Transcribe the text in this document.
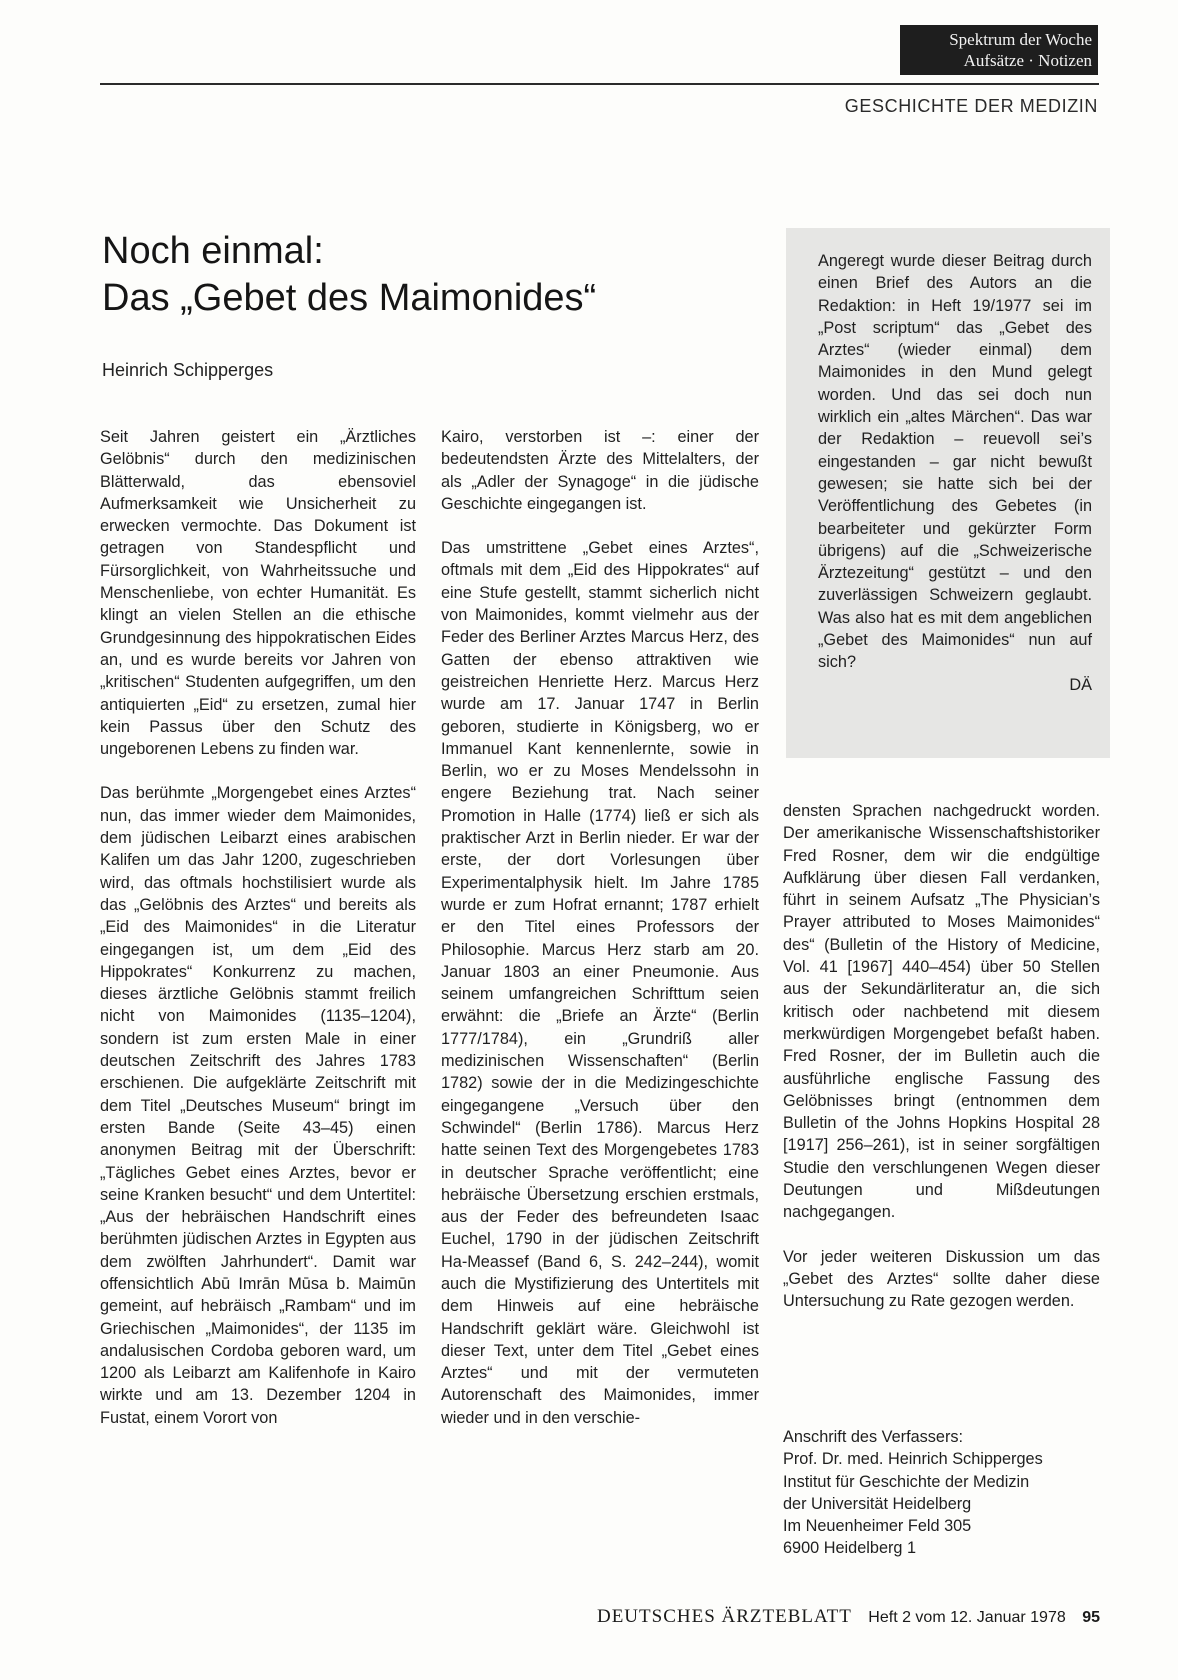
Spektrum der Woche
Aufsätze · Notizen
GESCHICHTE DER MEDIZIN
Noch einmal:
Das „Gebet des Maimonides“
Heinrich Schipperges

Seit Jahren geistert ein „Ärztliches Gelöbnis“ durch den medizinischen Blätterwald, das ebensoviel Aufmerksamkeit wie Unsicherheit zu erwecken vermochte. Das Dokument ist getragen von Standespflicht und Fürsorglichkeit, von Wahrheitssuche und Menschenliebe, von echter Humanität. Es klingt an vielen Stellen an die ethische Grundgesinnung des hippokratischen Eides an, und es wurde bereits vor Jahren von „kritischen“ Studenten aufgegriffen, um den antiquierten „Eid“ zu ersetzen, zumal hier kein Passus über den Schutz des ungeborenen Lebens zu finden war.

Das berühmte „Morgengebet eines Arztes“ nun, das immer wieder dem Maimonides, dem jüdischen Leibarzt eines arabischen Kalifen um das Jahr 1200, zugeschrieben wird, das oftmals hochstilisiert wurde als das „Gelöbnis des Arztes“ und bereits als „Eid des Maimonides“ in die Literatur eingegangen ist, um dem „Eid des Hippokrates“ Konkurrenz zu machen, dieses ärztliche Gelöbnis stammt freilich nicht von Maimonides (1135–1204), sondern ist zum ersten Male in einer deutschen Zeitschrift des Jahres 1783 erschienen. Die aufgeklärte Zeitschrift mit dem Titel „Deutsches Museum“ bringt im ersten Bande (Seite 43–45) einen anonymen Beitrag mit der Überschrift: „Tägliches Gebet eines Arztes, bevor er seine Kranken besucht“ und dem Untertitel: „Aus der hebräischen Handschrift eines berühmten jüdischen Arztes in Egypten aus dem zwölften Jahrhundert“. Damit war offensichtlich Abū Imrān Mūsa b. Maimūn gemeint, auf hebräisch „Rambam“ und im Griechischen „Maimonides“, der 1135 im andalusischen Cordoba geboren ward, um 1200 als Leibarzt am Kalifenhofe in Kairo wirkte und am 13. Dezember 1204 in Fustat, einem Vorort von

Kairo, verstorben ist –: einer der bedeutendsten Ärzte des Mittelalters, der als „Adler der Synagoge“ in die jüdische Geschichte eingegangen ist.

Das umstrittene „Gebet eines Arztes“, oftmals mit dem „Eid des Hippokrates“ auf eine Stufe gestellt, stammt sicherlich nicht von Maimonides, kommt vielmehr aus der Feder des Berliner Arztes Marcus Herz, des Gatten der ebenso attraktiven wie geistreichen Henriette Herz. Marcus Herz wurde am 17. Januar 1747 in Berlin geboren, studierte in Königsberg, wo er Immanuel Kant kennenlernte, sowie in Berlin, wo er zu Moses Mendelssohn in engere Beziehung trat. Nach seiner Promotion in Halle (1774) ließ er sich als praktischer Arzt in Berlin nieder. Er war der erste, der dort Vorlesungen über Experimentalphysik hielt. Im Jahre 1785 wurde er zum Hofrat ernannt; 1787 erhielt er den Titel eines Professors der Philosophie. Marcus Herz starb am 20. Januar 1803 an einer Pneumonie. Aus seinem umfangreichen Schrifttum seien erwähnt: die „Briefe an Ärzte“ (Berlin 1777/1784), ein „Grundriß aller medizinischen Wissenschaften“ (Berlin 1782) sowie der in die Medizingeschichte eingegangene „Versuch über den Schwindel“ (Berlin 1786). Marcus Herz hatte seinen Text des Morgengebetes 1783 in deutscher Sprache veröffentlicht; eine hebräische Übersetzung erschien erstmals, aus der Feder des befreundeten Isaac Euchel, 1790 in der jüdischen Zeitschrift Ha-Meassef (Band 6, S. 242–244), womit auch die Mystifizierung des Untertitels mit dem Hinweis auf eine hebräische Handschrift geklärt wäre. Gleichwohl ist dieser Text, unter dem Titel „Gebet eines Arztes“ und mit der vermuteten Autorenschaft des Maimonides, immer wieder und in den verschie-

Angeregt wurde dieser Beitrag durch einen Brief des Autors an die Redaktion: in Heft 19/1977 sei im „Post scriptum“ das „Gebet des Arztes“ (wieder einmal) dem Maimonides in den Mund gelegt worden. Und das sei doch nun wirklich ein „altes Märchen“. Das war der Redaktion – reuevoll sei’s eingestanden – gar nicht bewußt gewesen; sie hatte sich bei der Veröffentlichung des Gebetes (in bearbeiteter und gekürzter Form übrigens) auf die „Schweizerische Ärztezeitung“ gestützt – und den zuverlässigen Schweizern geglaubt. Was also hat es mit dem angeblichen „Gebet des Maimonides“ nun auf sich?

DÄ

densten Sprachen nachgedruckt worden. Der amerikanische Wissenschaftshistoriker Fred Rosner, dem wir die endgültige Aufklärung über diesen Fall verdanken, führt in seinem Aufsatz „The Physician’s Prayer attributed to Moses Maimonides“ des“ (Bulletin of the History of Medicine, Vol. 41 [1967] 440–454) über 50 Stellen aus der Sekundärliteratur an, die sich kritisch oder nachbetend mit diesem merkwürdigen Morgengebet befaßt haben. Fred Rosner, der im Bulletin auch die ausführliche englische Fassung des Gelöbnisses bringt (entnommen dem Bulletin of the Johns Hopkins Hospital 28 [1917] 256–261), ist in seiner sorgfältigen Studie den verschlungenen Wegen dieser Deutungen und Mißdeutungen nachgegangen.

Vor jeder weiteren Diskussion um das „Gebet des Arztes“ sollte daher diese Untersuchung zu Rate gezogen werden.

Anschrift des Verfassers:
Prof. Dr. med. Heinrich Schipperges
Institut für Geschichte der Medizin
der Universität Heidelberg
Im Neuenheimer Feld 305
6900 Heidelberg 1
DEUTSCHES ÄRZTEBLATT Heft 2 vom 12. Januar 1978 95
